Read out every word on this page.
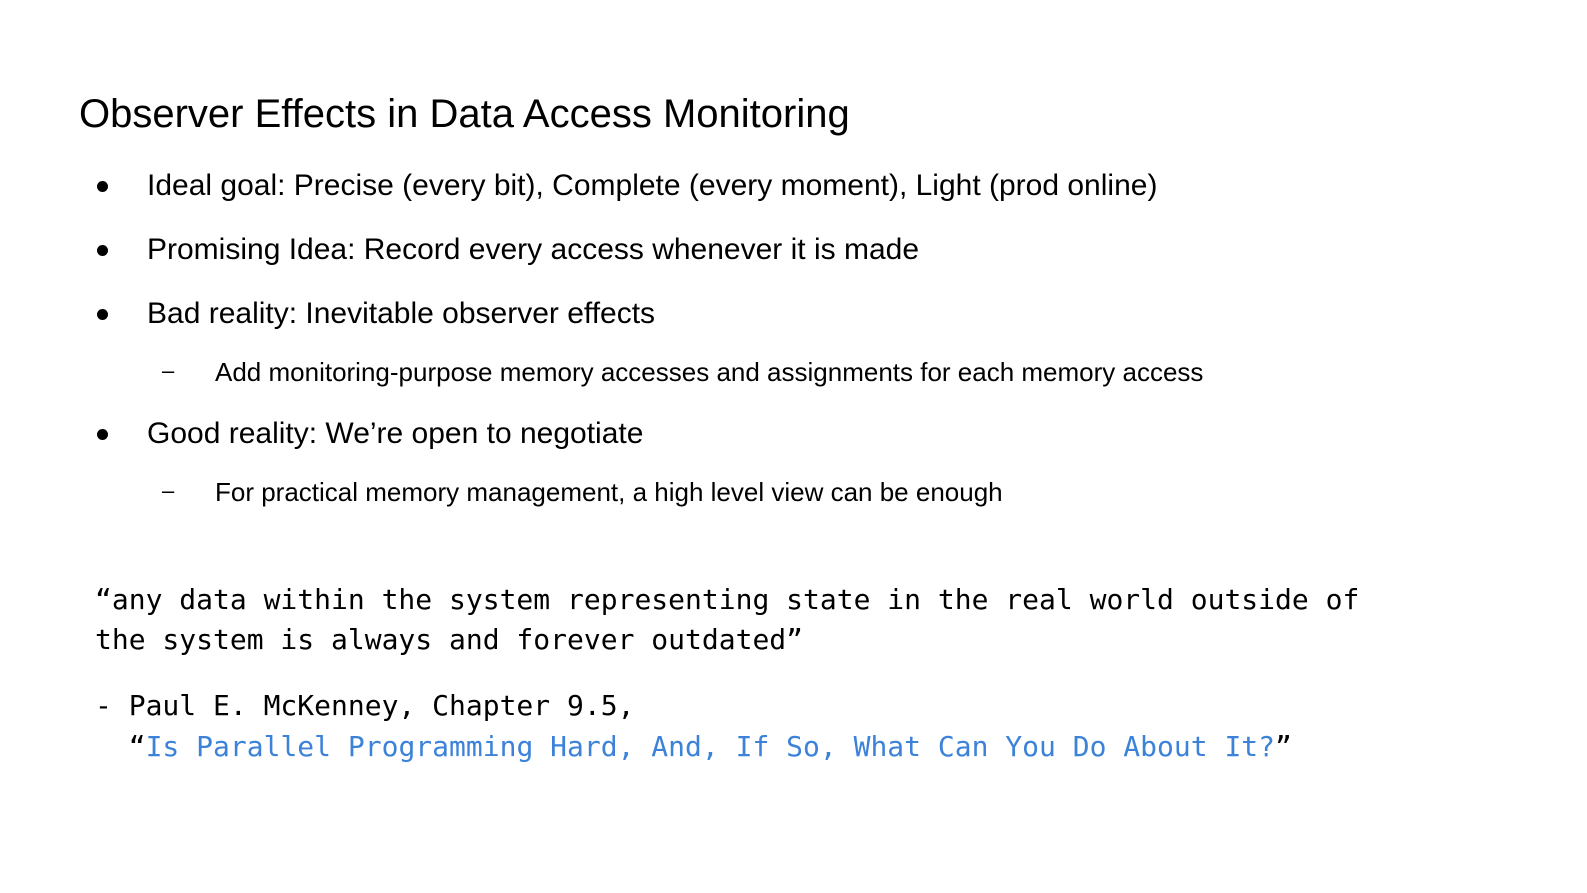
Observer Effects in Data Access Monitoring
Ideal goal: Precise (every bit), Complete (every moment), Light (prod online)
Promising Idea: Record every access whenever it is made
Bad reality: Inevitable observer effects
– Add monitoring-purpose memory accesses and assignments for each memory access
Good reality: We’re open to negotiate
– For practical memory management, a high level view can be enough
“any data within the system representing state in the real world outside of
the system is always and forever outdated”
- Paul E. McKenney, Chapter 9.5,
“Is Parallel Programming Hard, And, If So, What Can You Do About It?”
